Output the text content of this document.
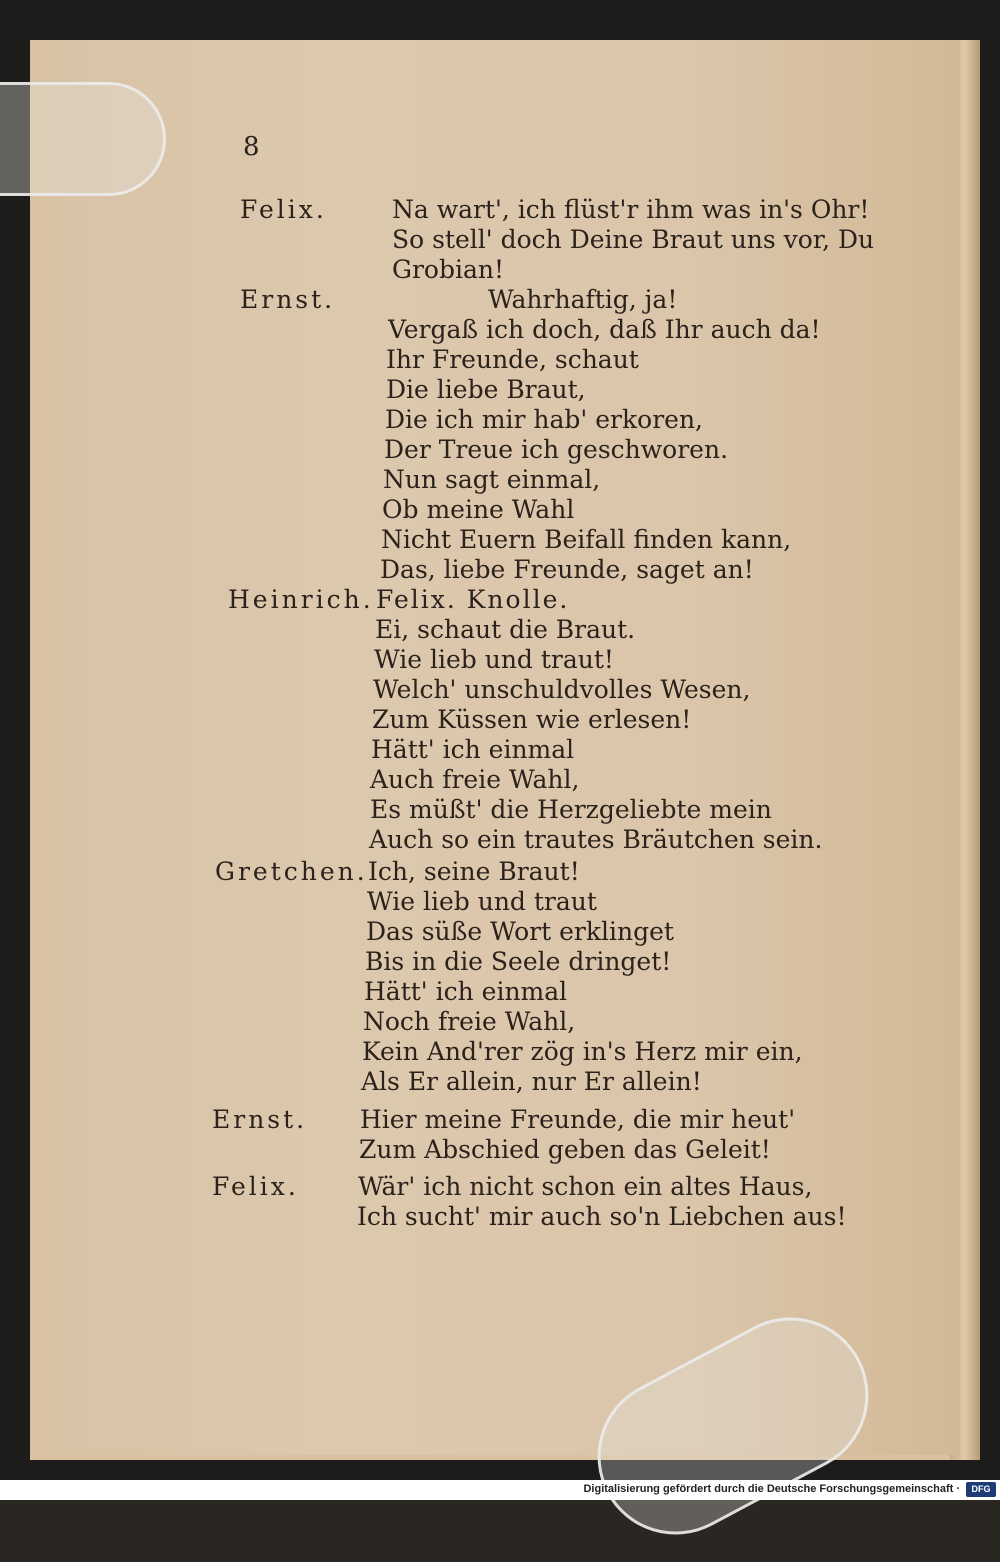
8
Felix.
Ernst.
Heinrich.
Gretchen.
Ernst.
Felix.
Na wart', ich flüst'r ihm was in's Ohr!
So stell' doch Deine Braut uns vor, Du
Grobian!
Wahrhaftig, ja!
Vergaß ich doch, daß Ihr auch da!
Ihr Freunde, schaut
Die liebe Braut,
Die ich mir hab' erkoren,
Der Treue ich geschworen.
Nun sagt einmal,
Ob meine Wahl
Nicht Euern Beifall finden kann,
Das, liebe Freunde, saget an!
Felix. Knolle.
Ei, schaut die Braut.
Wie lieb und traut!
Welch' unschuldvolles Wesen,
Zum Küssen wie erlesen!
Hätt' ich einmal
Auch freie Wahl,
Es müßt' die Herzgeliebte mein
Auch so ein trautes Bräutchen sein.
Ich, seine Braut!
Wie lieb und traut
Das süße Wort erklinget
Bis in die Seele dringet!
Hätt' ich einmal
Noch freie Wahl,
Kein And'rer zög in's Herz mir ein,
Als Er allein, nur Er allein!
Hier meine Freunde, die mir heut'
Zum Abschied geben das Geleit!
Wär' ich nicht schon ein altes Haus,
Ich sucht' mir auch so'n Liebchen aus!
Digitalisierung gefördert durch die Deutsche Forschungsgemeinschaft ·	DFG
